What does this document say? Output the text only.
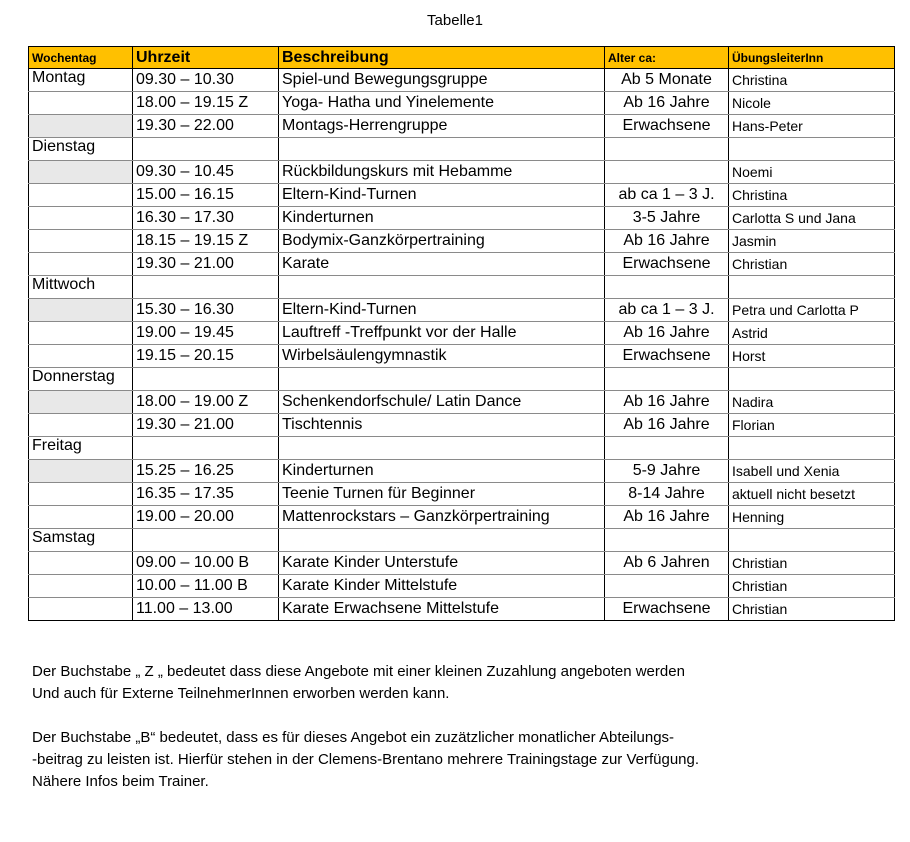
Tabelle1
Wochentag	Uhrzeit	Beschreibung	Alter ca:	ÜbungsleiterInn
Montag	09.30 – 10.30	Spiel-und Bewegungsgruppe	Ab 5 Monate	Christina
	18.00 – 19.15 Z	Yoga- Hatha und Yinelemente	Ab 16 Jahre	Nicole
	19.30 – 22.00	Montags-Herrengruppe	Erwachsene	Hans-Peter
Dienstag				
	09.30 – 10.45	Rückbildungskurs mit Hebamme		Noemi
	15.00 – 16.15	Eltern-Kind-Turnen	ab ca 1 – 3 J.	Christina
	16.30 – 17.30	Kinderturnen	3-5 Jahre	Carlotta S und Jana
	18.15 – 19.15 Z	Bodymix-Ganzkörpertraining	Ab 16 Jahre	Jasmin
	19.30 – 21.00	Karate	Erwachsene	Christian
Mittwoch				
	15.30 – 16.30	Eltern-Kind-Turnen	ab ca 1 – 3 J.	Petra und Carlotta P
	19.00 – 19.45	Lauftreff -Treffpunkt vor der Halle	Ab 16 Jahre	Astrid
	19.15 – 20.15	Wirbelsäulengymnastik	Erwachsene	Horst
Donnerstag				
	18.00 – 19.00 Z	Schenkendorfschule/ Latin Dance	Ab 16 Jahre	Nadira
	19.30 – 21.00	Tischtennis	Ab 16 Jahre	Florian
Freitag				
	15.25 – 16.25	Kinderturnen	5-9 Jahre	Isabell und Xenia
	16.35 – 17.35	Teenie Turnen für Beginner	8-14 Jahre	aktuell nicht besetzt
	19.00 – 20.00	Mattenrockstars – Ganzkörpertraining	Ab 16 Jahre	Henning
Samstag				
	09.00 – 10.00 B	Karate Kinder Unterstufe	Ab 6 Jahren	Christian
	10.00 – 11.00 B	Karate Kinder Mittelstufe		Christian
	11.00 – 13.00	Karate Erwachsene Mittelstufe	Erwachsene	Christian

Der Buchstabe „ Z „ bedeutet dass diese Angebote mit einer kleinen Zuzahlung angeboten werden
Und auch für Externe TeilnehmerInnen erworben werden kann.

Der Buchstabe „B“ bedeutet, dass es für dieses Angebot ein zuzätzlicher monatlicher Abteilungs-
-beitrag zu leisten ist. Hierfür stehen in der Clemens-Brentano mehrere Trainingstage zur Verfügung.
Nähere Infos beim Trainer.
